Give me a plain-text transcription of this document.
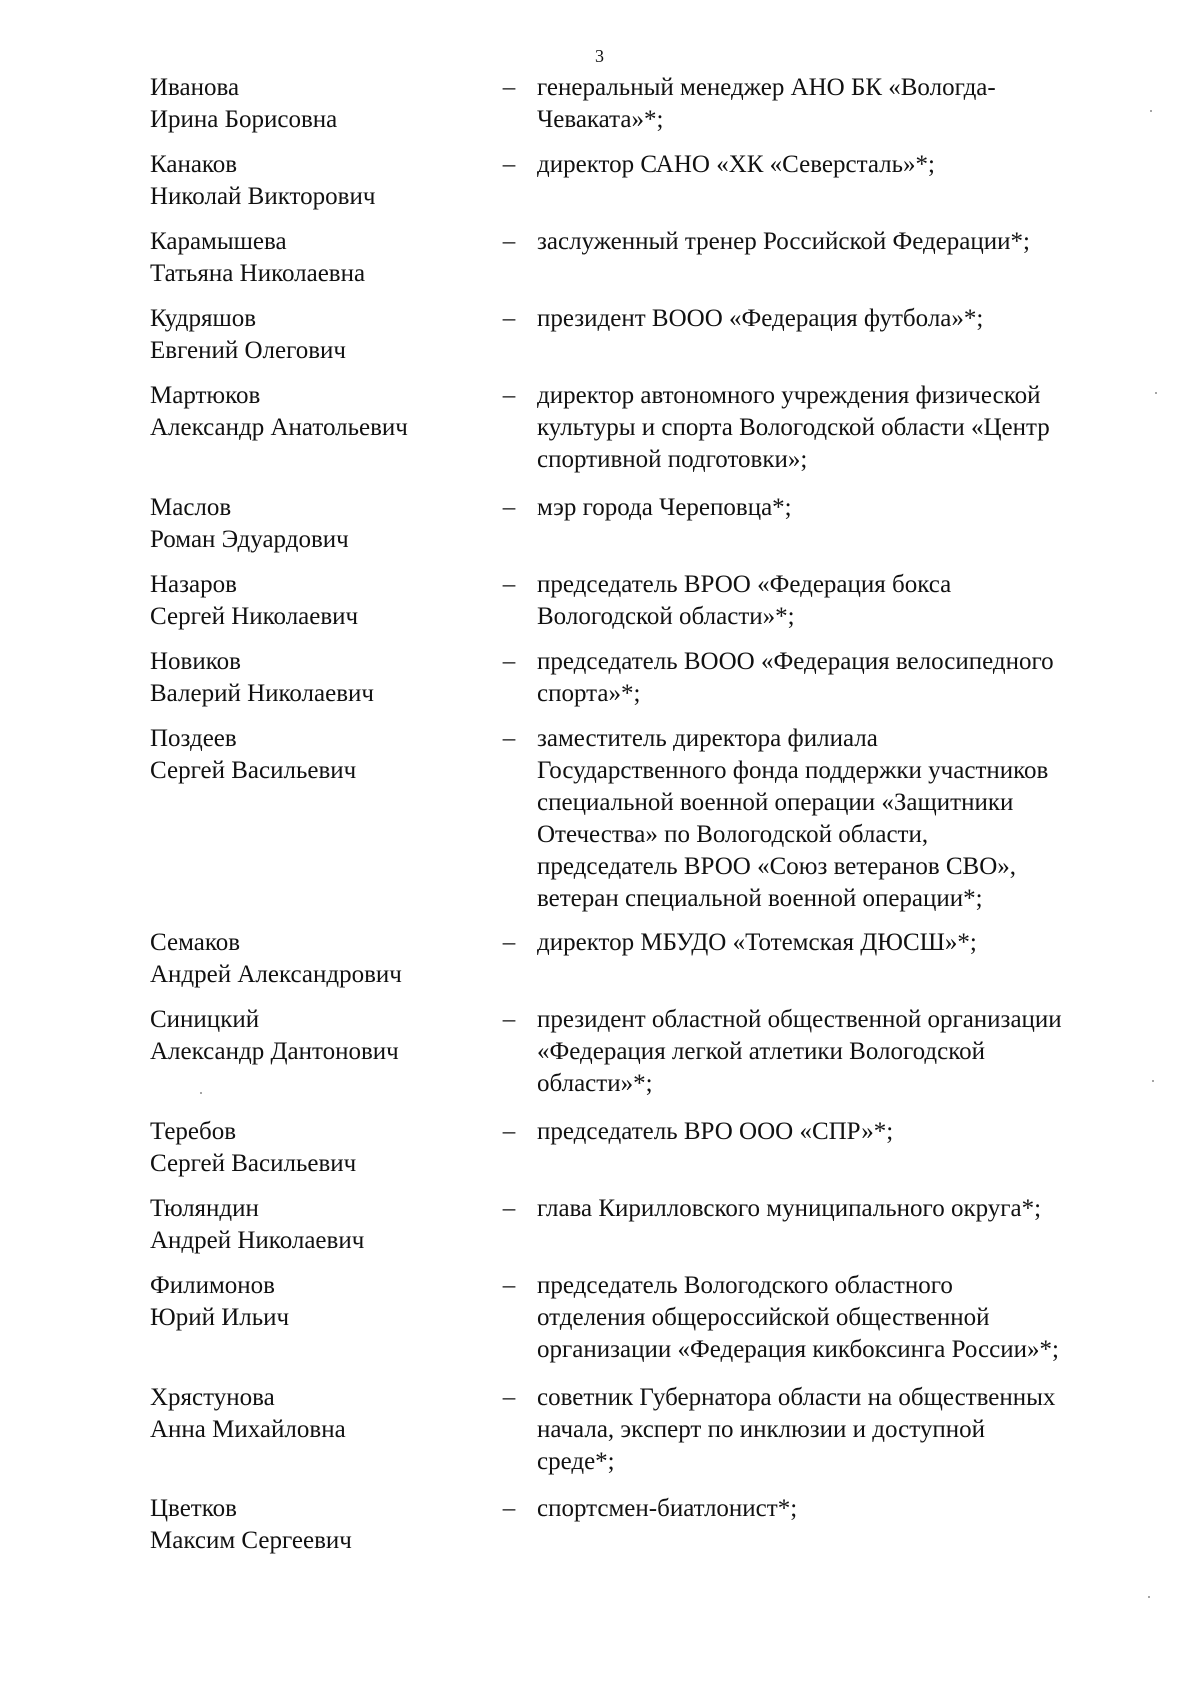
3
Иванова
Ирина Борисовна
– генеральный менеджер АНО БК «Вологда-
Чеваката»*;
Канаков
Николай Викторович
– директор САНО «ХК «Северсталь»*;
Карамышева
Татьяна Николаевна
– заслуженный тренер Российской Федерации*;
Кудряшов
Евгений Олегович
– президент ВООО «Федерация футбола»*;
Мартюков
Александр Анатольевич
– директор автономного учреждения физической
культуры и спорта Вологодской области «Центр
спортивной подготовки»;
Маслов
Роман Эдуардович
– мэр города Череповца*;
Назаров
Сергей Николаевич
– председатель ВРОО «Федерация бокса
Вологодской области»*;
Новиков
Валерий Николаевич
– председатель ВООО «Федерация велосипедного
спорта»*;
Поздеев
Сергей Васильевич
– заместитель директора филиала
Государственного фонда поддержки участников
специальной военной операции «Защитники
Отечества» по Вологодской области,
председатель ВРОО «Союз ветеранов СВО»,
ветеран специальной военной операции*;
Семаков
Андрей Александрович
– директор МБУДО «Тотемская ДЮСШ»*;
Синицкий
Александр Дантонович
– президент областной общественной организации
«Федерация легкой атлетики Вологодской
области»*;
Теребов
Сергей Васильевич
– председатель ВРО ООО «СПР»*;
Тюляндин
Андрей Николаевич
– глава Кирилловского муниципального округа*;
Филимонов
Юрий Ильич
– председатель Вологодского областного
отделения общероссийской общественной
организации «Федерация кикбоксинга России»*;
Хрястунова
Анна Михайловна
– советник Губернатора области на общественных
начала, эксперт по инклюзии и доступной
среде*;
Цветков
Максим Сергеевич
– спортсмен-биатлонист*;
